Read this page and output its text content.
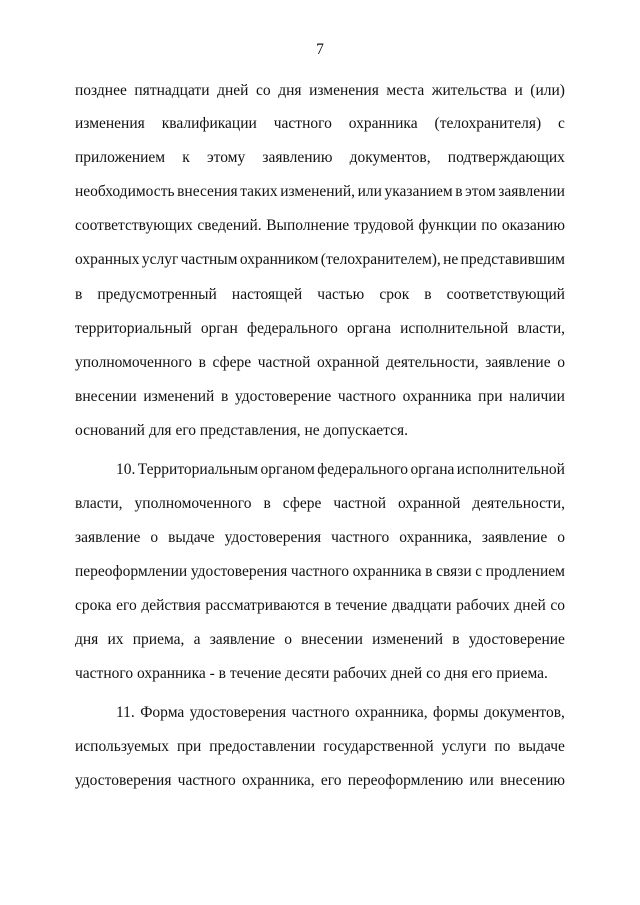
7
позднее пятнадцати дней со дня изменения места жительства и (или)
изменения квалификации частного охранника (телохранителя) с
приложением к этому заявлению документов, подтверждающих
необходимость внесения таких изменений, или указанием в этом заявлении
соответствующих сведений. Выполнение трудовой функции по оказанию
охранных услуг частным охранником (телохранителем), не представившим
в предусмотренный настоящей частью срок в соответствующий
территориальный орган федерального органа исполнительной власти,
уполномоченного в сфере частной охранной деятельности, заявление о
внесении изменений в удостоверение частного охранника при наличии
оснований для его представления, не допускается.
10. Территориальным органом федерального органа исполнительной
власти, уполномоченного в сфере частной охранной деятельности,
заявление о выдаче удостоверения частного охранника, заявление о
переоформлении удостоверения частного охранника в связи с продлением
срока его действия рассматриваются в течение двадцати рабочих дней со
дня их приема, а заявление о внесении изменений в удостоверение
частного охранника - в течение десяти рабочих дней со дня его приема.
11. Форма удостоверения частного охранника, формы документов,
используемых при предоставлении государственной услуги по выдаче
удостоверения частного охранника, его переоформлению или внесению
